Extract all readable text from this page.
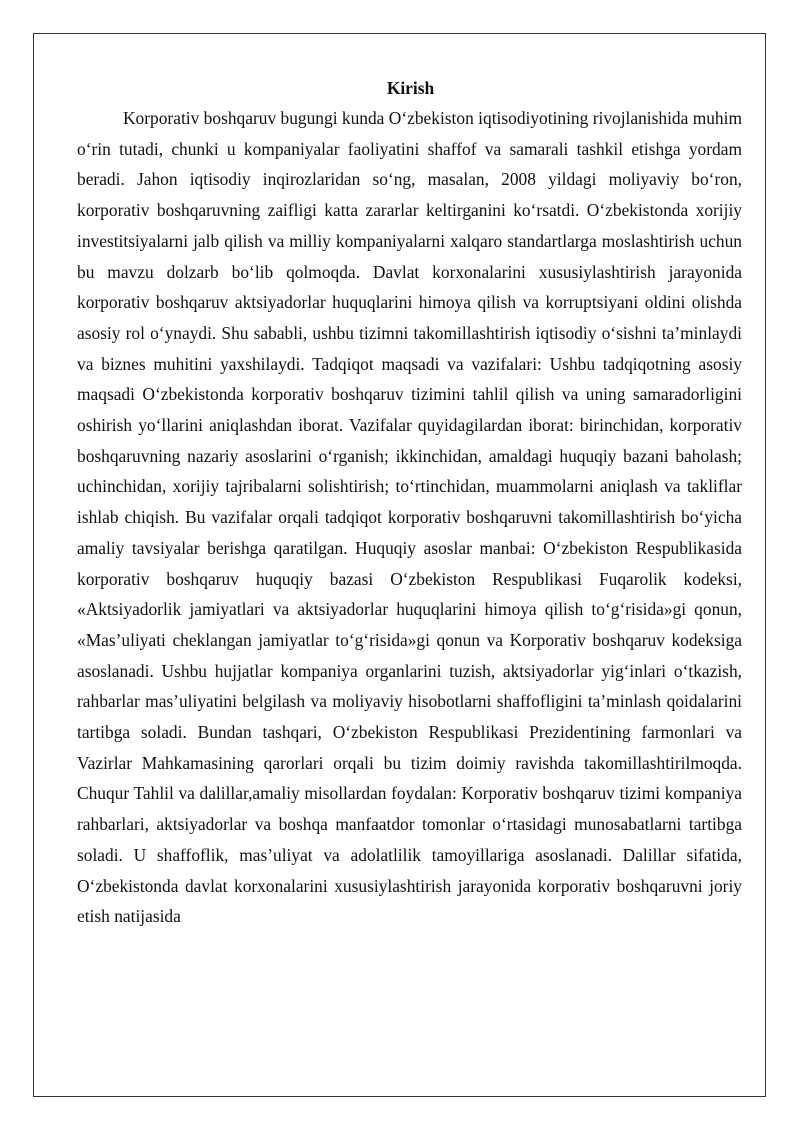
Kirish

Korporativ boshqaruv bugungi kunda O‘zbekiston iqtisodiyotining rivojlanishida muhim o‘rin tutadi, chunki u kompaniyalar faoliyatini shaffof va samarali tashkil etishga yordam beradi. Jahon iqtisodiy inqirozlaridan so‘ng, masalan, 2008 yildagi moliyaviy bo‘ron, korporativ boshqaruvning zaifligi katta zararlar keltirganini ko‘rsatdi. O‘zbekistonda xorijiy investitsiyalarni jalb qilish va milliy kompaniyalarni xalqaro standartlarga moslashtirish uchun bu mavzu dolzarb bo‘lib qolmoqda. Davlat korxonalarini xususiylashtirish jarayonida korporativ boshqaruv aktsiyadorlar huquqlarini himoya qilish va korruptsiyani oldini olishda asosiy rol o‘ynaydi. Shu sababli, ushbu tizimni takomillashtirish iqtisodiy o‘sishni ta’minlaydi va biznes muhitini yaxshilaydi. Tadqiqot maqsadi va vazifalari: Ushbu tadqiqotning asosiy maqsadi O‘zbekistonda korporativ boshqaruv tizimini tahlil qilish va uning samaradorligini oshirish yo‘llarini aniqlashdan iborat. Vazifalar quyidagilardan iborat: birinchidan, korporativ boshqaruvning nazariy asoslarini o‘rganish; ikkinchidan, amaldagi huquqiy bazani baholash; uchinchidan, xorijiy tajribalarni solishtirish; to‘rtinchidan, muammolarni aniqlash va takliflar ishlab chiqish. Bu vazifalar orqali tadqiqot korporativ boshqaruvni takomillashtirish bo‘yicha amaliy tavsiyalar berishga qaratilgan. Huquqiy asoslar manbai: O‘zbekiston Respublikasida korporativ boshqaruv huquqiy bazasi O‘zbekiston Respublikasi Fuqarolik kodeksi, «Aktsiyadorlik jamiyatlari va aktsiyadorlar huquqlarini himoya qilish to‘g‘risida»gi qonun, «Mas’uliyati cheklangan jamiyatlar to‘g‘risida»gi qonun va Korporativ boshqaruv kodeksiga asoslanadi. Ushbu hujjatlar kompaniya organlarini tuzish, aktsiyadorlar yig‘inlari o‘tkazish, rahbarlar mas’uliyatini belgilash va moliyaviy hisobotlarni shaffofligini ta’minlash qoidalarini tartibga soladi. Bundan tashqari, O‘zbekiston Respublikasi Prezidentining farmonlari va Vazirlar Mahkamasining qarorlari orqali bu tizim doimiy ravishda takomillashtirilmoqda. Chuqur Tahlil va dalillar,amaliy misollardan foydalan: Korporativ boshqaruv tizimi kompaniya rahbarlari, aktsiyadorlar va boshqa manfaatdor tomonlar o‘rtasidagi munosabatlarni tartibga soladi. U shaffoflik, mas’uliyat va adolatlilik tamoyillariga asoslanadi. Dalillar sifatida, O‘zbekistonda davlat korxonalarini xususiylashtirish jarayonida korporativ boshqaruvni joriy etish natijasida
